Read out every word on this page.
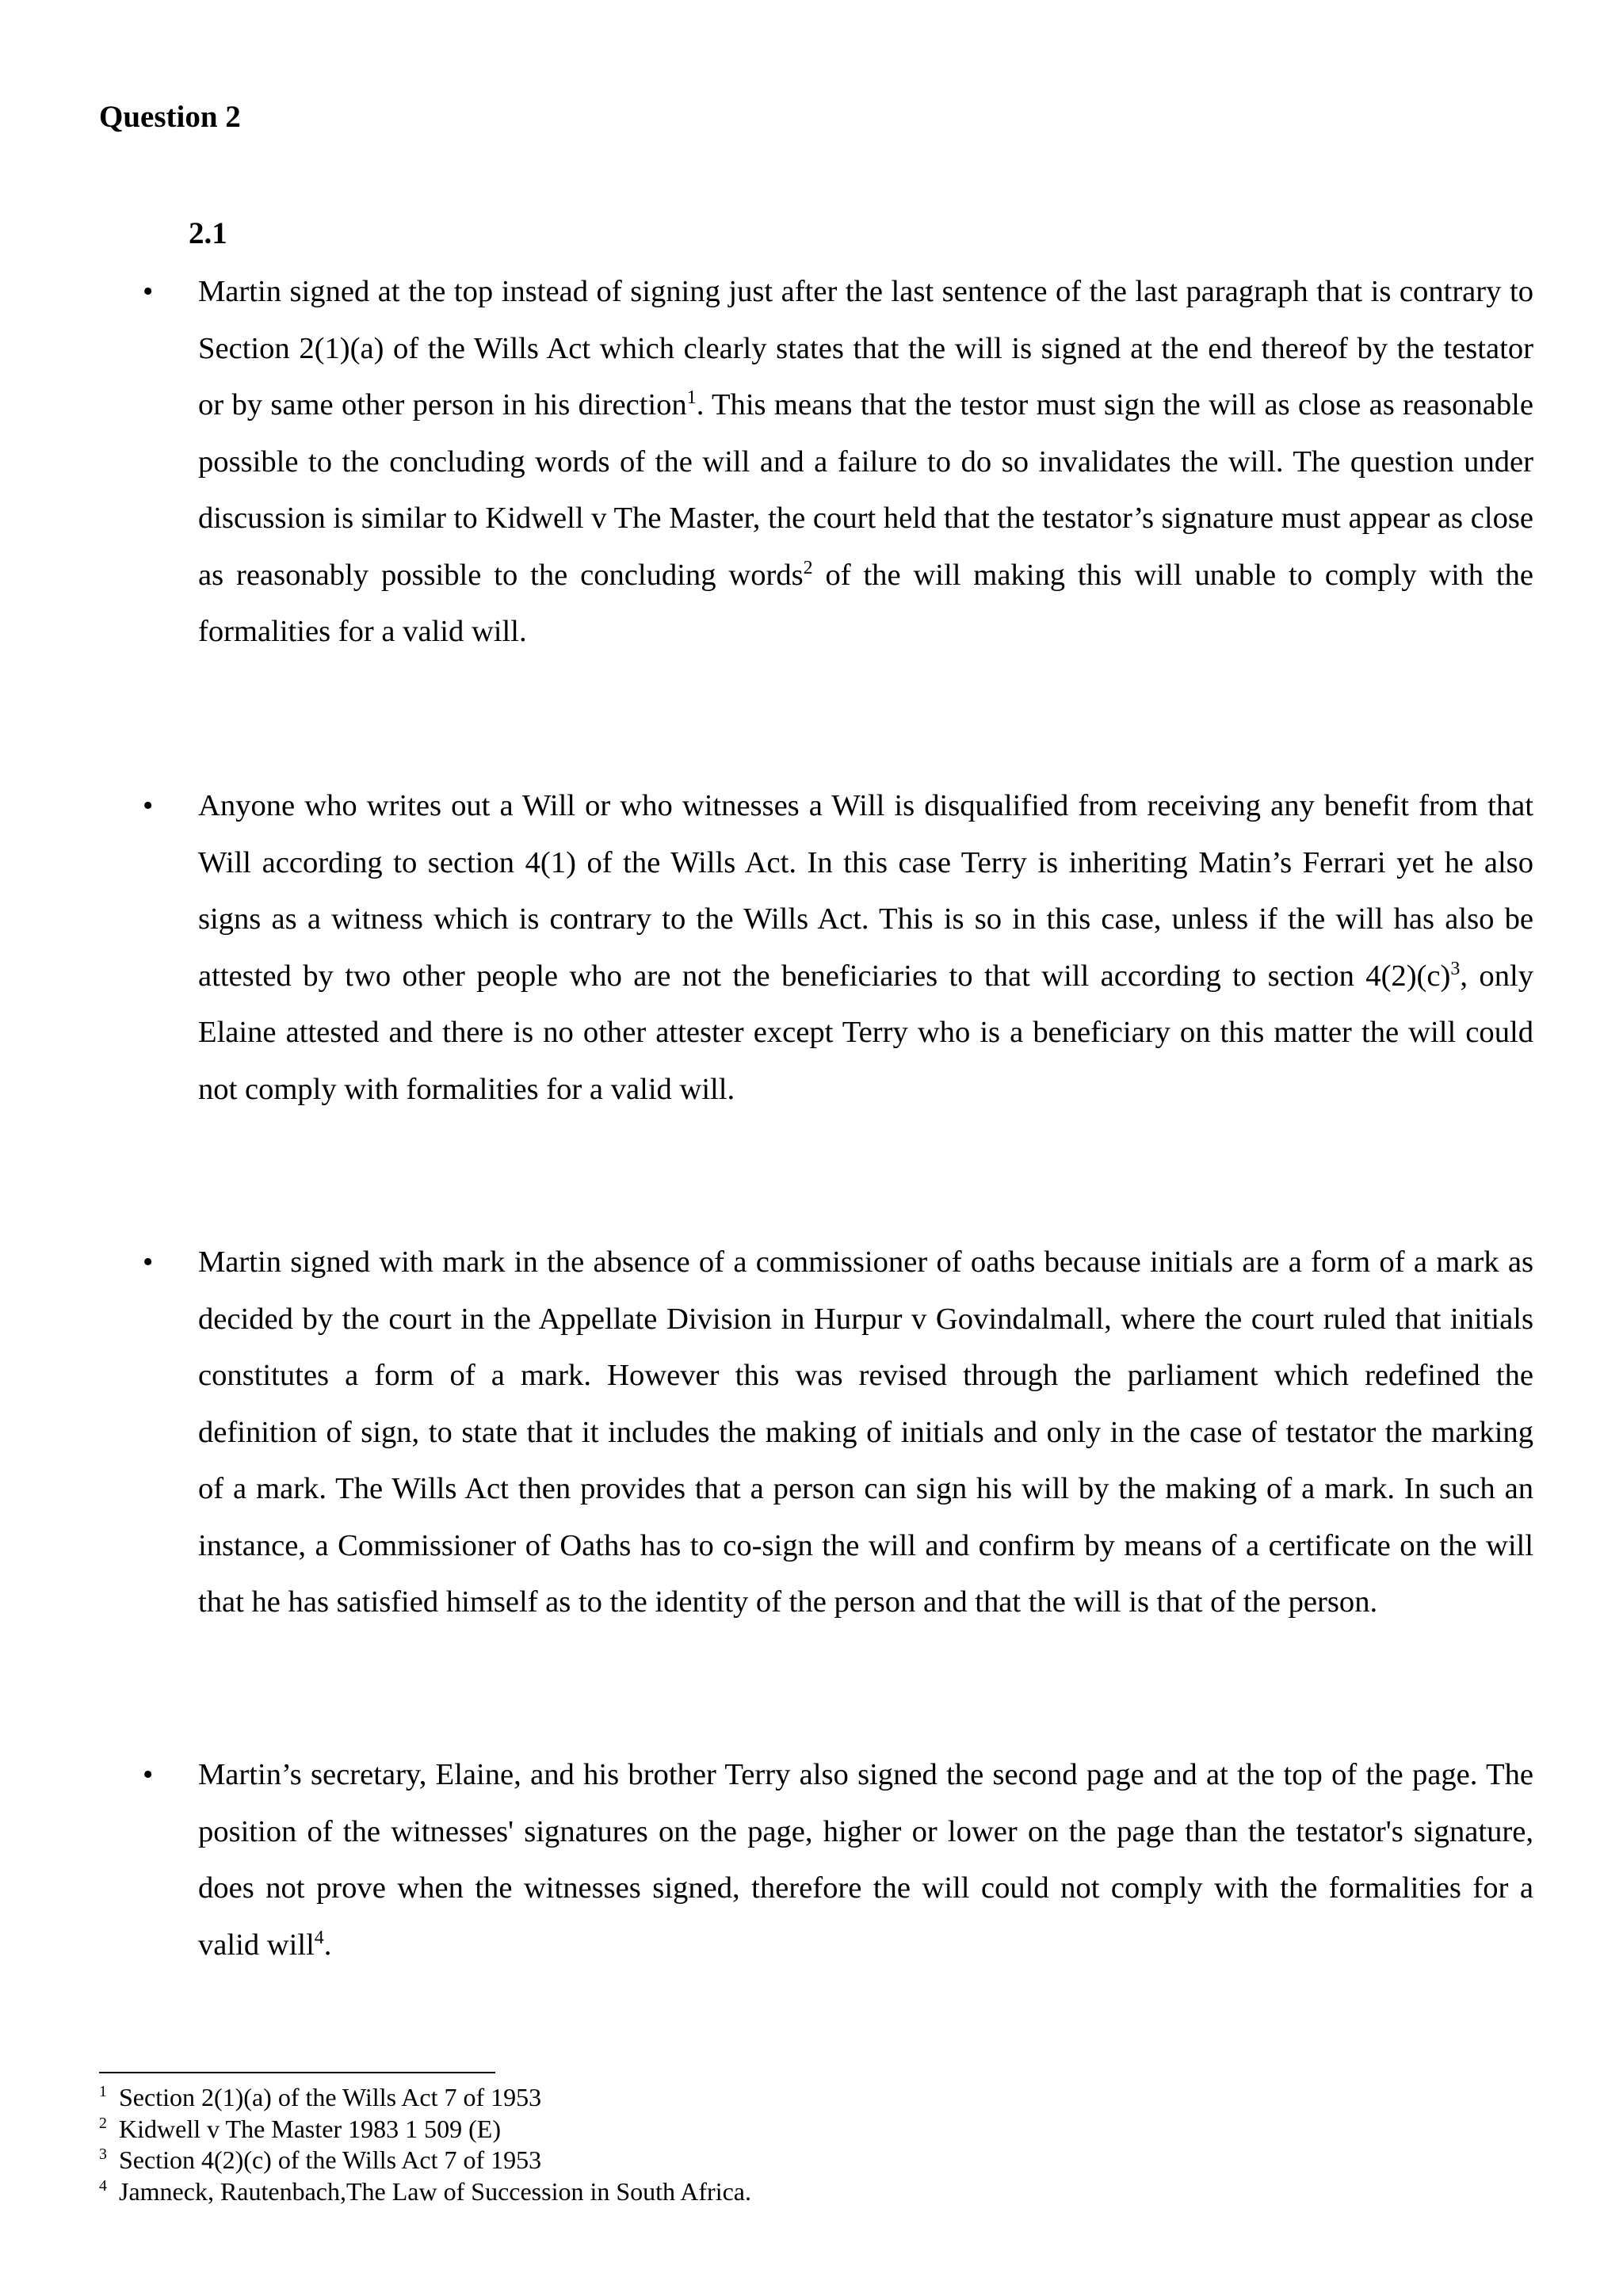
Question 2
2.1
•	Martin signed at the top instead of signing just after the last sentence of the last paragraph that is contrary to Section 2(1)(a) of the Wills Act which clearly states that the will is signed at the end thereof by the testator or by same other person in his direction$^1$. This means that the testor must sign the will as close as reasonable possible to the concluding words of the will and a failure to do so invalidates the will. The question under discussion is similar to Kidwell v The Master, the court held that the testator’s signature must appear as close as reasonably possible to the concluding words$^2$ of the will making this will unable to comply with the formalities for a valid will.

•	Anyone who writes out a Will or who witnesses a Will is disqualified from receiving any benefit from that Will according to section 4(1) of the Wills Act. In this case Terry is inheriting Matin’s Ferrari yet he also signs as a witness which is contrary to the Wills Act. This is so in this case, unless if the will has also be attested by two other people who are not the beneficiaries to that will according to section $4(2)(c)^3$, only Elaine attested and there is no other attester except Terry who is a beneficiary on this matter the will could not comply with formalities for a valid will.

•	Martin signed with mark in the absence of a commissioner of oaths because initials are a form of a mark as decided by the court in the Appellate Division in Hurpur v Govindalmall, where the court ruled that initials constitutes a form of a mark. However this was revised through the parliament which redefined the definition of sign, to state that it includes the making of initials and only in the case of testator the marking of a mark. The Wills Act then provides that a person can sign his will by the making of a mark. In such an instance, a Commissioner of Oaths has to co-sign the will and confirm by means of a certificate on the will that he has satisfied himself as to the identity of the person and that the will is that of the person.

•	Martin’s secretary, Elaine, and his brother Terry also signed the second page and at the top of the page. The position of the witnesses' signatures on the page, higher or lower on the page than the testator's signature, does not prove when the witnesses signed, therefore the will could not comply with the formalities for a valid will$^4$.

$^1$ Section 2(1)(a) of the Wills Act 7 of 1953
$^2$ Kidwell v The Master 1983 1 509 (E)
$^3$ Section 4(2)(c) of the Wills Act 7 of 1953
$^4$ Jamneck, Rautenbach,The Law of Succession in South Africa.
